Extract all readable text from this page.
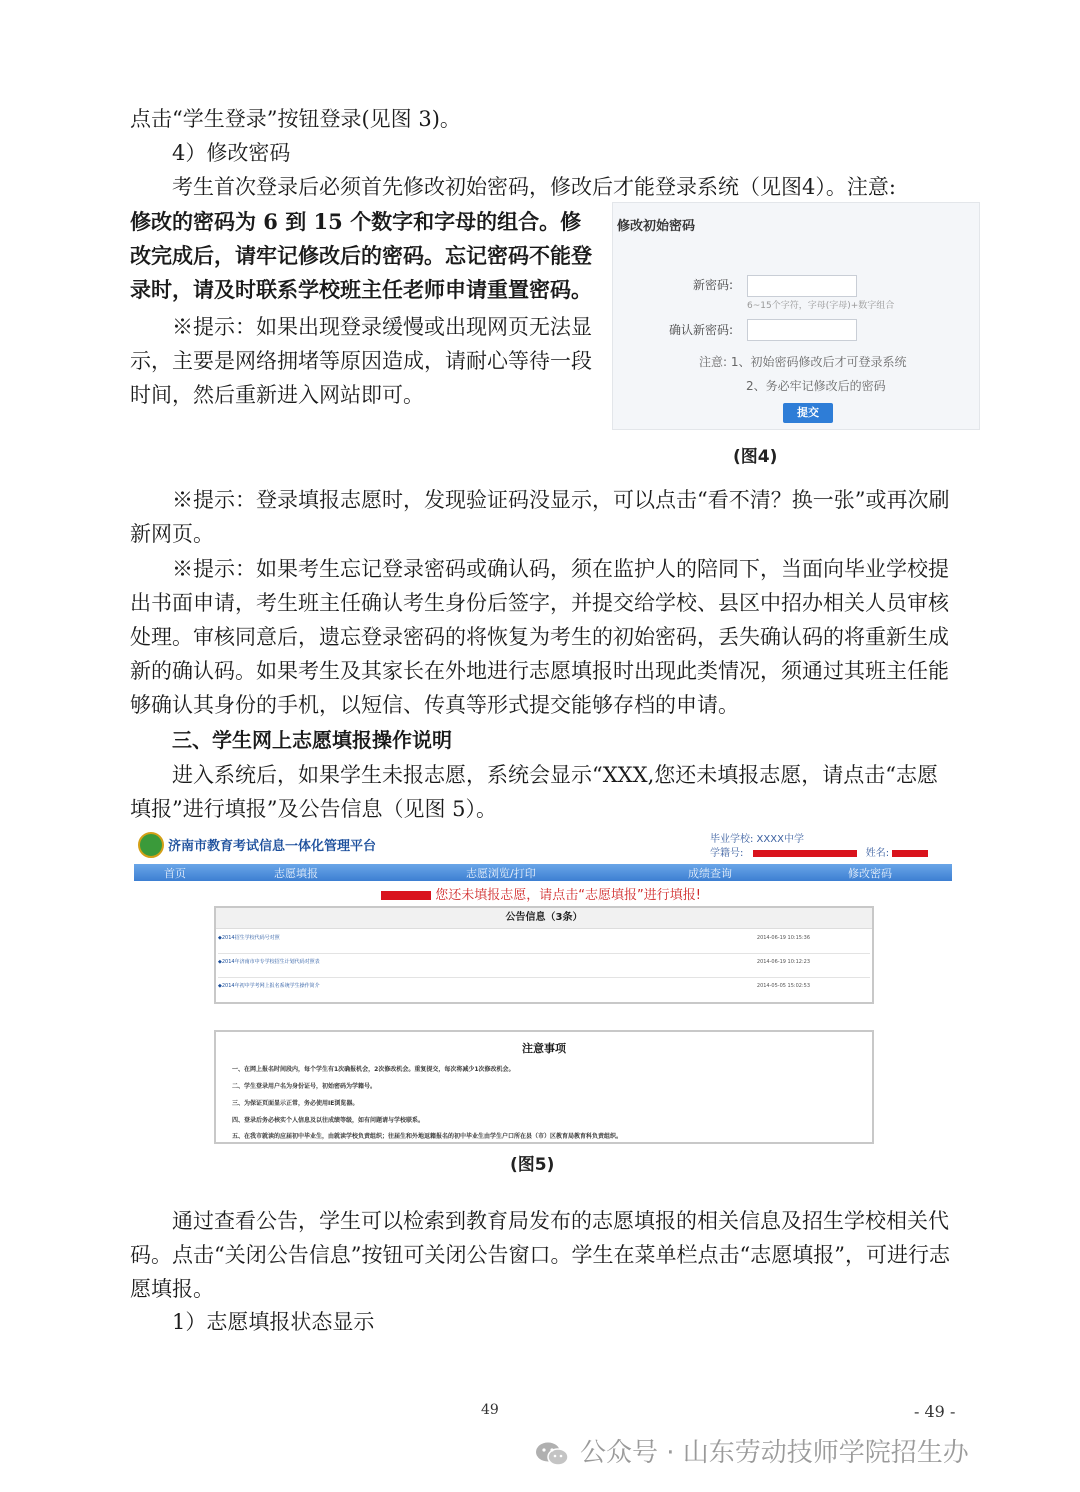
点击“学生登录”按钮登录(见图 3)。

4）修改密码

考生首次登录后必须首先修改初始密码，修改后才能登录系统（见图4）。注意:

修改的密码为 6 到 15 个数字和字母的组合。修改完成后，请牢记修改后的密码。忘记密码不能登录时，请及时联系学校班主任老师申请重置密码。

※提示：如果出现登录缓慢或出现网页无法显示，主要是网络拥堵等原因造成，请耐心等待一段时间，然后重新进入网站即可。

修改初始密码
新密码:
6~15个字符，字母(字母)+数字组合
确认新密码:
注意: 1、初始密码修改后才可登录系统
2、务必牢记修改后的密码
提交
(图4)

※提示：登录填报志愿时，发现验证码没显示，可以点击“看不清？换一张”或再次刷新网页。

※提示：如果考生忘记登录密码或确认码，须在监护人的陪同下，当面向毕业学校提出书面申请，考生班主任确认考生身份后签字，并提交给学校、县区中招办相关人员审核处理。审核同意后，遗忘登录密码的将恢复为考生的初始密码，丢失确认码的将重新生成新的确认码。如果考生及其家长在外地进行志愿填报时出现此类情况，须通过其班主任能够确认其身份的手机，以短信、传真等形式提交能够存档的申请。

三、学生网上志愿填报操作说明

进入系统后，如果学生未报志愿，系统会显示“XXX,您还未填报志愿，请点击“志愿填报”进行填报”及公告信息（见图 5）。

济南市教育考试信息一体化管理平台	毕业学校: XXXX中学
学籍号:	姓名:
首页	志愿填报	志愿浏览/打印	成绩查询	修改密码
您还未填报志愿，请点击“志愿填报”进行填报!
公告信息（3条）
◆2014招生学校代码号对照	2014-06-19 10:15:36
◆2014年济南市中专学校招生计划代码对照表	2014-06-19 10:12:23
◆2014年初中学考网上报名系统学生操作简介	2014-05-05 15:02:53
注意事项
一、在网上报名时间段内，每个学生有1次确报机会，2次修改机会。重复提交，每次将减少1次修改机会。
二、学生登录用户名为身份证号，初始密码为学籍号。
三、为保证页面显示正常，务必使用IE浏览器。
四、登录后务必核实个人信息及以往成绩等级，如有问题请与学校联系。
五、在我市就读的应届初中毕业生，由就读学校负责组织；往届生和外地返籍报名的初中毕业生由学生户口所在县（市）区教育局教育科负责组织。
(图5)

通过查看公告，学生可以检索到教育局发布的志愿填报的相关信息及招生学校相关代码。点击“关闭公告信息”按钮可关闭公告窗口。学生在菜单栏点击“志愿填报”，可进行志愿填报。

1）志愿填报状态显示

49	- 49 -
公众号 · 山东劳动技师学院招生办
